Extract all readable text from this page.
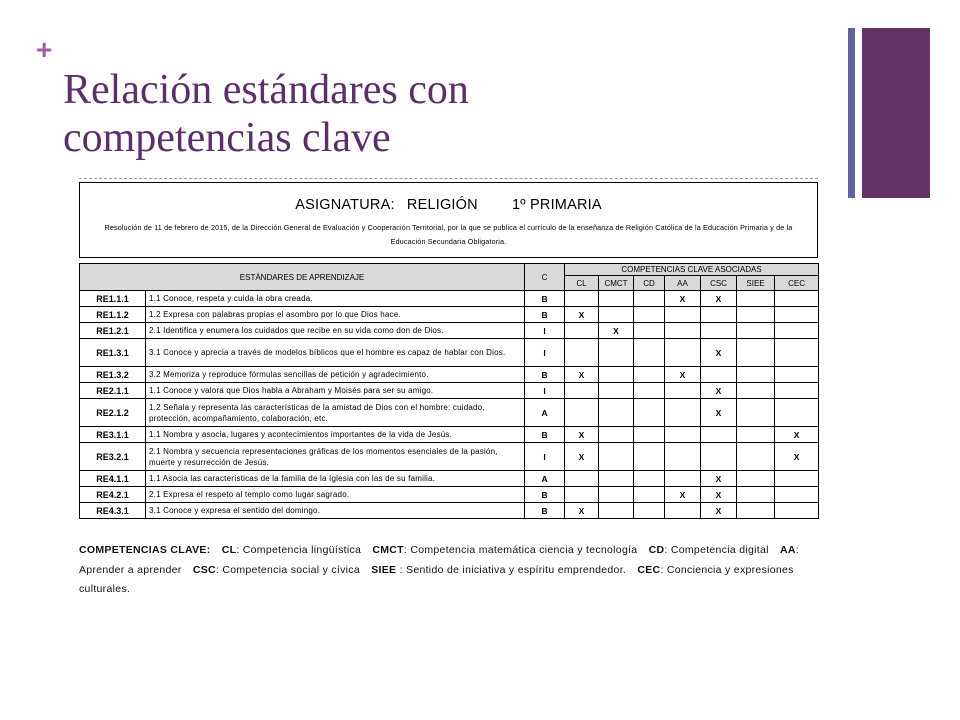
+
Relación estándares con
competencias clave
ASIGNATURA: RELIGIÓN 1º PRIMARIA
Resolución de 11 de febrero de 2015, de la Dirección General de Evaluación y Cooperación Territorial, por la que se publica el currículo de la enseñanza de Religión Católica de la Educación Primaria y de la Educación Secundaria Obligatoria.
ESTÁNDARES DE APRENDIZAJE		C	COMPETENCIAS CLAVE ASOCIADAS						
			CL	CMCT	CD	AA	CSC	SIEE	CEC
RE1.1.1	1.1 Conoce, respeta y cuida la obra creada.	B				X	X		
RE1.1.2	1.2 Expresa con palabras propias el asombro por lo que Dios hace.	B	X						
RE1.2.1	2.1 Identifica y enumera los cuidados que recibe en su vida como don de Dios.	I		X					
RE1.3.1	3.1 Conoce y aprecia a través de modelos bíblicos que el hombre es capaz de hablar con Dios.	I					X		
RE1.3.2	3.2 Memoriza y reproduce fórmulas sencillas de petición y agradecimiento.	B	X			X			
RE2.1.1	1.1 Conoce y valora que Dios habla a Abraham y Moisés para ser su amigo.	I					X		
RE2.1.2	1.2 Señala y representa las características de la amistad de Dios con el hombre: cuidado, protección, acompañamiento, colaboración, etc.	A					X		
RE3.1.1	1.1 Nombra y asocia, lugares y acontecimientos importantes de la vida de Jesús.	B	X						X
RE3.2.1	2.1 Nombra y secuencia representaciones gráficas de los momentos esenciales de la pasión, muerte y resurrección de Jesús.	I	X						X
RE4.1.1	1.1 Asocia las características de la familia de la Iglesia con las de su familia.	A					X		
RE4.2.1	2.1 Expresa el respeto al templo como lugar sagrado.	B				X	X		
RE4.3.1	3.1 Conoce y expresa el sentido del domingo.	B	X				X		
COMPETENCIAS CLAVE: CL: Competencia lingüística CMCT: Competencia matemática ciencia y tecnología CD: Competencia digital AA: Aprender a aprender CSC: Competencia social y cívica SIEE : Sentido de iniciativa y espíritu emprendedor. CEC: Conciencia y expresiones culturales.
